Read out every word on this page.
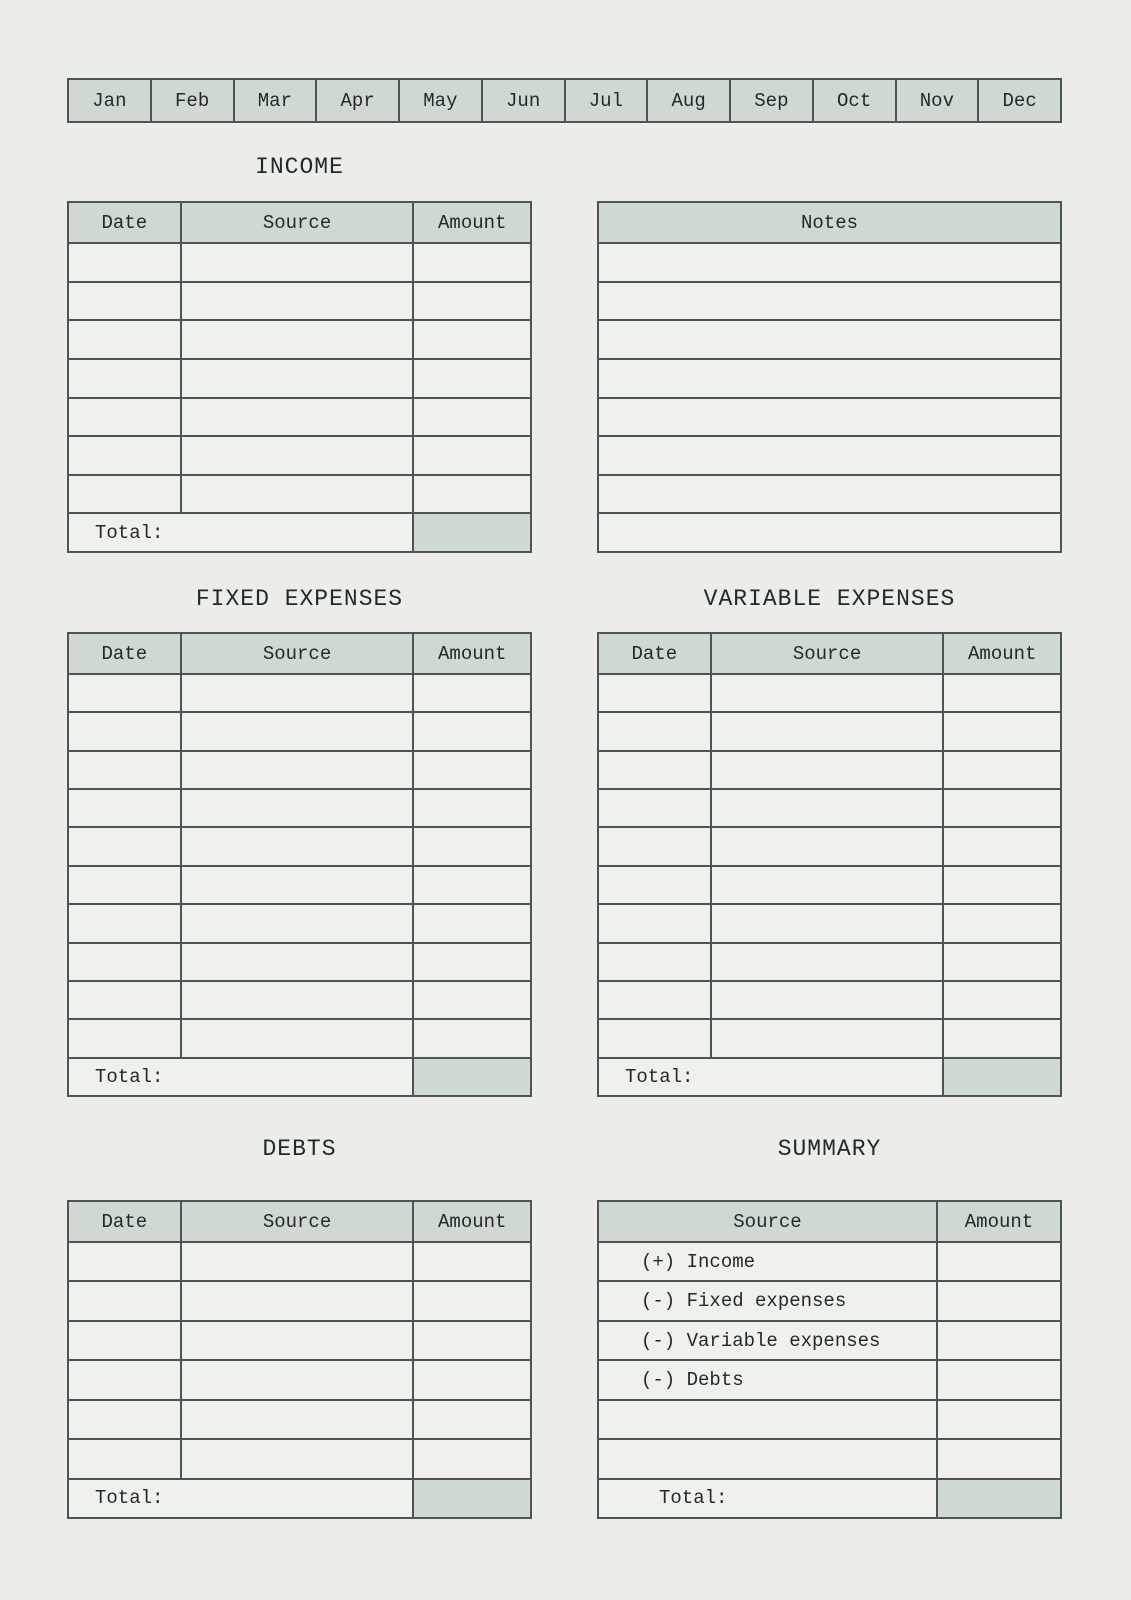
Jan	Feb	Mar	Apr	May	Jun	Jul	Aug	Sep	Oct	Nov	Dec
INCOME
FIXED EXPENSES	VARIABLE EXPENSES
DEBTS	SUMMARY
Date	Source	Amount
Total:
Notes
Date	Source	Amount
Total:
Date	Source	Amount
Total:
Date	Source	Amount
Total:
Source	Amount
(+) Income
(-) Fixed expenses
(-) Variable expenses
(-) Debts
Total:
